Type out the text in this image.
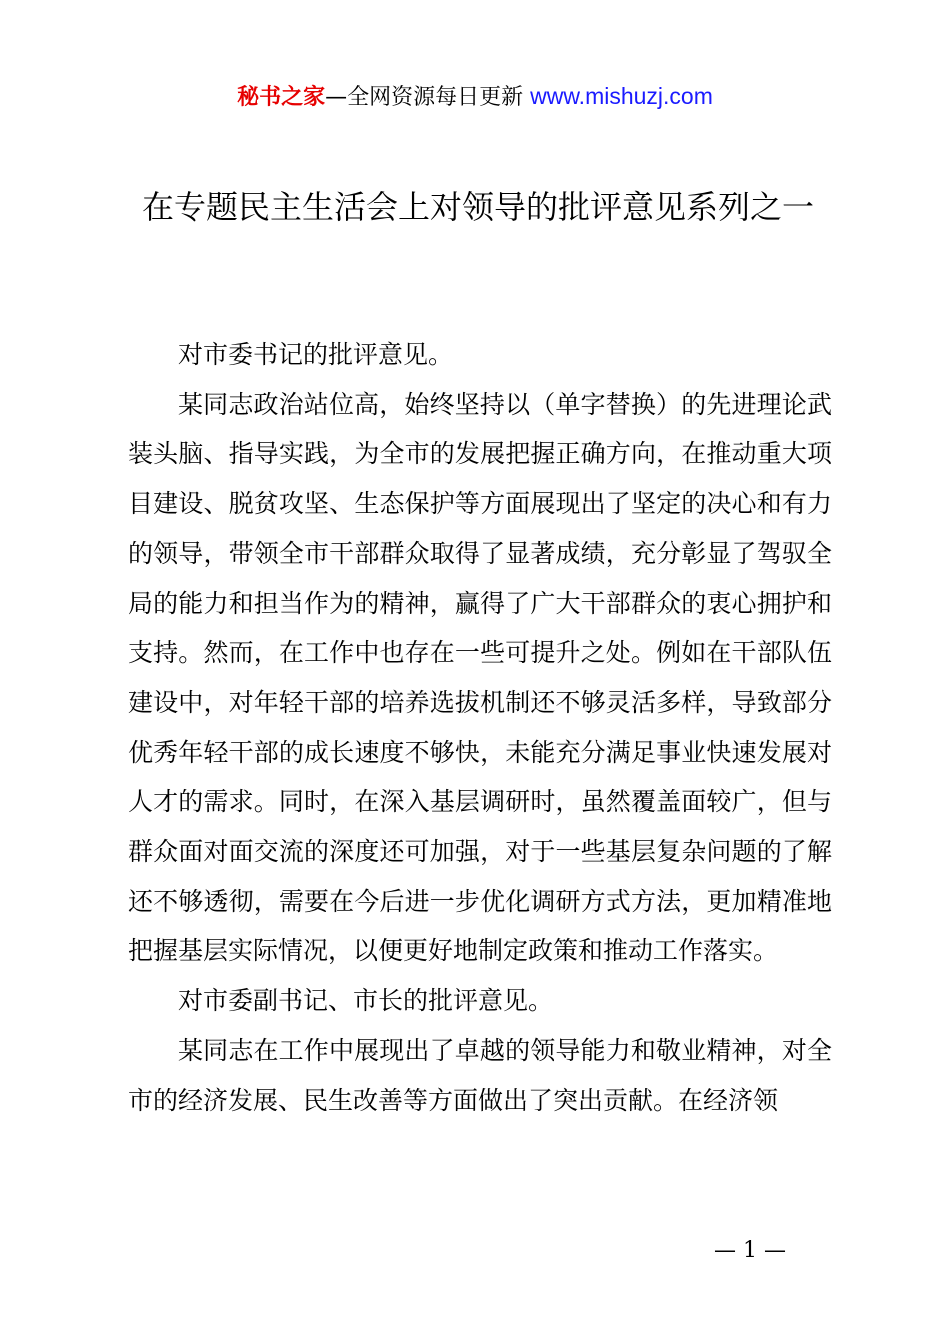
秘书之家—全网资源每日更新 www.mishuzj.com
在专题民主生活会上对领导的批评意见系列之一

对市委书记的批评意见。

某同志政治站位高，始终坚持以（单字替换）的先进理论武装头脑、指导实践，为全市的发展把握正确方向，在推动重大项目建设、脱贫攻坚、生态保护等方面展现出了坚定的决心和有力的领导，带领全市干部群众取得了显著成绩，充分彰显了驾驭全局的能力和担当作为的精神，赢得了广大干部群众的衷心拥护和支持。然而，在工作中也存在一些可提升之处。例如在干部队伍建设中，对年轻干部的培养选拔机制还不够灵活多样，导致部分优秀年轻干部的成长速度不够快，未能充分满足事业快速发展对人才的需求。同时，在深入基层调研时，虽然覆盖面较广，但与群众面对面交流的深度还可加强，对于一些基层复杂问题的了解还不够透彻，需要在今后进一步优化调研方式方法，更加精准地把握基层实际情况，以便更好地制定政策和推动工作落实。

对市委副书记、市长的批评意见。

某同志在工作中展现出了卓越的领导能力和敬业精神，对全市的经济发展、民生改善等方面做出了突出贡献。在经济领

— 1 —
